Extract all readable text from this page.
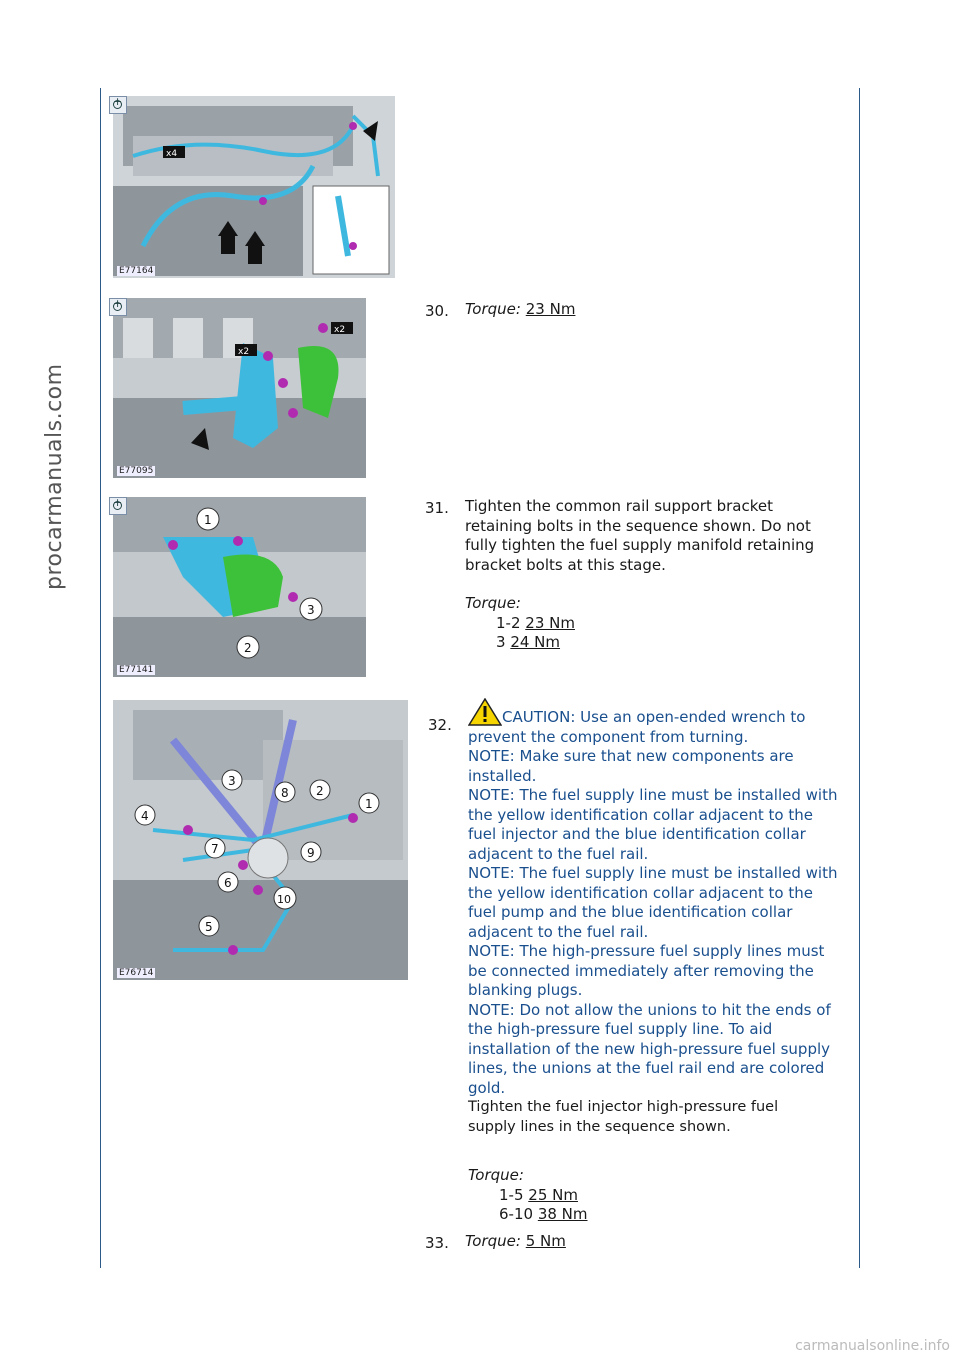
procarmanuals.com
x4
E77164
+
x2
x2
E77095
+
30. Torque: 23 Nm
1
2
3
E77141
+
31. Tighten the common rail support bracket retaining bolts in the sequence shown. Do not fully tighten the fuel supply manifold retaining bracket bolts at this stage.
Torque:
1-2 23 Nm
3 24 Nm
1
2
3
4
5
6
7
8
9
10
E76714
32.	CAUTION: Use an open-ended wrench to prevent the component from turning.
NOTE: Make sure that new components are installed.
NOTE: The fuel supply line must be installed with the yellow identification collar adjacent to the fuel injector and the blue identification collar adjacent to the fuel rail.
NOTE: The fuel supply line must be installed with the yellow identification collar adjacent to the fuel pump and the blue identification collar adjacent to the fuel rail.
NOTE: The high-pressure fuel supply lines must be connected immediately after removing the blanking plugs.
NOTE: Do not allow the unions to hit the ends of the high-pressure fuel supply line. To aid installation of the new high-pressure fuel supply lines, the unions at the fuel rail end are colored gold.
Tighten the fuel injector high-pressure fuel supply lines in the sequence shown.
Torque:
1-5 25 Nm
6-10 38 Nm
33. Torque: 5 Nm
carmanualsonline.info
